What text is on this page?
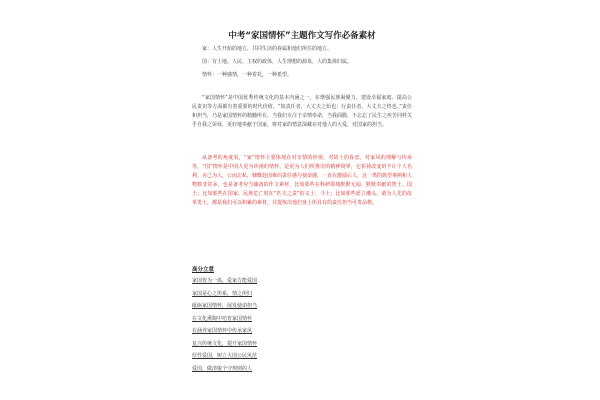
中考“家国情怀”主题作文写作必备素材
家：人生开始的地方，共同生活的眷属和他们所住的地方。
国：有土地、人民、主权的政体，人生理想的源泉，人的集体归属。
情怀：一种感情，一种着托，一种希望。
“家国情怀”是中国优秀传统文化的基本内涵之一，在增强民族凝聚力、建设幸福家庭、提高公民责识等方面都有着重要的时代价值。“知责任者，大丈夫之始也；行责任者，大丈夫之终也。”责任和担当，乃是家国情怀的精髓所在。当我们专注于亲情奉命，当我面膜，不忘忘了民生之疾苦同样关乎自我之荣辱，更好地奉献于国家，将对家的情意深藏在对他人的大爱，对国家的担当。
从备考的角度看，“家”情怀主要体现在对亲情的珍视，对故土的眷恋，对家风的理解与传承等，“国”情怀是中国人更为珍视的情怀，是更为人们所推崇的精神境界，它祈祷改变的不计个人名利，舍己为人，公而忘私，慷慨赴国难的责任感与使命感，一直在激励后人，这一类的典型事例和人物数非常多，也是备考应当储备的作文素材，比如那些在科研领域默默无闻、默默奉献的智士、国士；比如那些在国家、民族危亡时在“匹夫之责”的义士、斗士；比如那些愿立潮头、敢为人先的改革勇士，都是我们可以积累的素材，并提炼出他们身上所具有的责任担当可贵品格。
高分立意
家国皆为一体，爱家方能爱国
家国是心之所系，情之所归
砥砺家国情怀，展发使命担当
在文化熏陶中培育家国情怀
在涵养家国情怀中传承家风
复兴传统文化，提升家国情怀
厚性爱国，树立大国公民风范
爱国，做清俊个守规则的人
